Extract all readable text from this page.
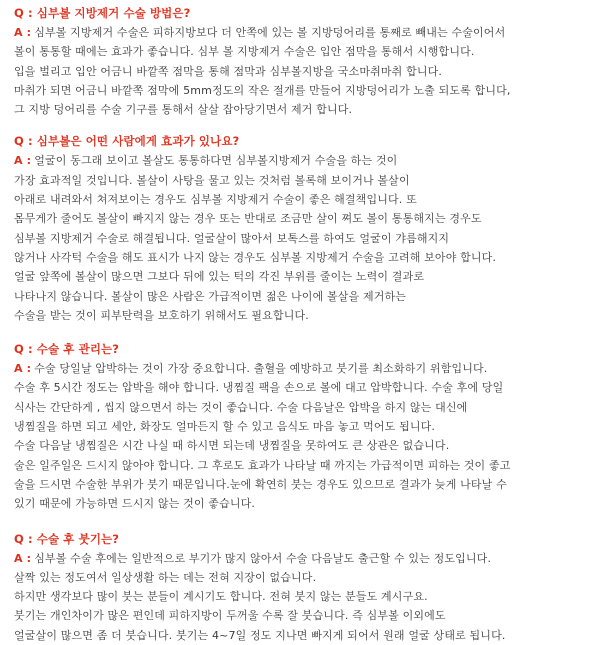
Q : 심부볼 지방제거 수술 방법은?
A : 심부볼 지방제거 수술은 피하지방보다 더 안쪽에 있는 볼 지방덩어리를 통째로 빼내는 수술이어서
볼이 통통할 때에는 효과가 좋습니다. 심부 볼 지방제거 수술은 입안 점막을 통해서 시행합니다.
입을 벌리고 입안 어금니 바깥쪽 점막을 통해 점막과 심부볼지방을 국소마취마취 합니다.
마취가 되면 어금니 바깥쪽 점막에 5mm정도의 작은 절개를 만들어 지방덩어리가 노출 되도록 합니다,
그 지방 덩어리를 수술 기구를 통해서 살살 잡아당기면서 제거 합니다.
Q : 심부볼은 어떤 사람에게 효과가 있나요?
A : 얼굴이 동그래 보이고 볼살도 통통하다면 심부볼지방제거 수술을 하는 것이
가장 효과적일 것입니다. 볼살이 사탕을 물고 있는 것처럼 볼록해 보이거나 볼살이
아래로 내려와서 쳐져보이는 경우도 심부볼 지방제거 수술이 좋은 해결책입니다. 또
몸무게가 줄어도 볼살이 빠지지 않는 경우 또는 반대로 조금만 살이 쪄도 볼이 통통해지는 경우도
심부볼 지방제거 수술로 해결됩니다. 얼굴살이 많아서 보톡스를 하여도 얼굴이 갸름해지지
않거나 사각턱 수술을 해도 표시가 나지 않는 경우도 심부볼 지방제거 수술을 고려해 보아야 합니다.
얼굴 앞쪽에 볼살이 많으면 그보다 뒤에 있는 턱의 각진 부위를 줄이는 노력이 결과로
나타나지 않습니다. 볼살이 많은 사람은 가급적이면 젊은 나이에 볼살을 제거하는
수술을 받는 것이 피부탄력을 보호하기 위해서도 필요합니다.
Q : 수술 후 관리는?
A : 수술 당일날 압박하는 것이 가장 중요합니다. 출혈을 예방하고 붓기를 최소화하기 위함입니다.
수술 후 5시간 정도는 압박을 해야 합니다. 냉찜질 팩을 손으로 볼에 대고 압박합니다. 수술 후에 당일
식사는 간단하게 , 씹지 않으면서 하는 것이 좋습니다. 수술 다음날은 압박을 하지 않는 대신에
냉찜질을 하면 되고 세안, 화장도 얼마든지 할 수 있고 음식도 마음 놓고 먹어도 됩니다.
수술 다음날 냉찜질은 시간 나실 때 하시면 되는데 냉찜질을 못하여도 큰 상관은 없습니다.
술은 일주일은 드시지 않아야 합니다. 그 후로도 효과가 나타날 때 까지는 가급적이면 피하는 것이 좋고
술을 드시면 수술한 부위가 붓기 때문입니다.눈에 확연히 붓는 경우도 있으므로 결과가 늦게 나타날 수
있기 때문에 가능하면 드시지 않는 것이 좋습니다.
Q : 수술 후 붓기는?
A : 심부볼 수술 후에는 일반적으로 부기가 많지 않아서 수술 다음날도 출근할 수 있는 정도입니다.
살짝 있는 정도여서 일상생활 하는 데는 전혀 지장이 없습니다.
하지만 생각보다 많이 붓는 분들이 계시기도 합니다. 전혀 붓지 않는 분들도 계시구요.
붓기는 개인차이가 많은 편인데 피하지방이 두꺼울 수록 잘 붓습니다. 즉 심부볼 이외에도
얼굴살이 많으면 좀 더 붓습니다. 붓기는 4~7일 정도 지나면 빠지게 되어서 원래 얼굴 상태로 됩니다.
